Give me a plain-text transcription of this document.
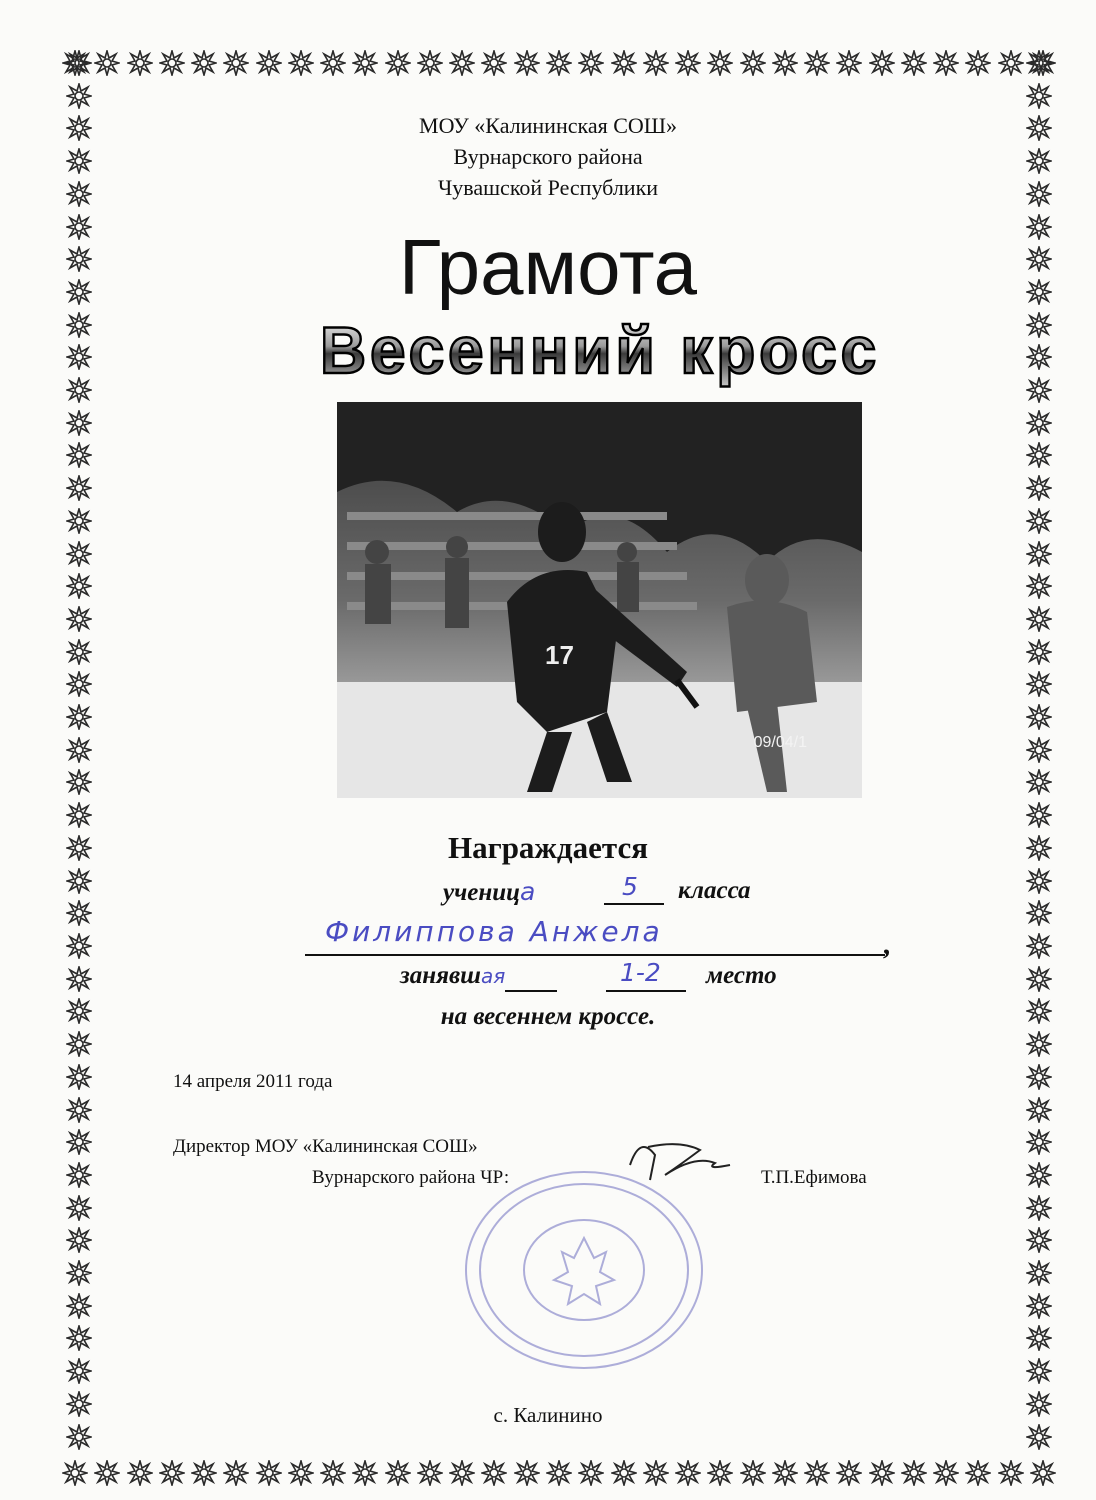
МОУ «Калининская СОШ»
Вурнарского района
Чувашской Республики
Грамота
Весенний кросс
17
09/04/1
Награждается
ученица	5 класса
Филиппова Анжела	,
занявшая	1-2 место
на весеннем кроссе.
14 апреля 2011 года
Директор МОУ «Калининская СОШ»
Вурнарского района ЧР:	Т.П.Ефимова
с. Калинино
